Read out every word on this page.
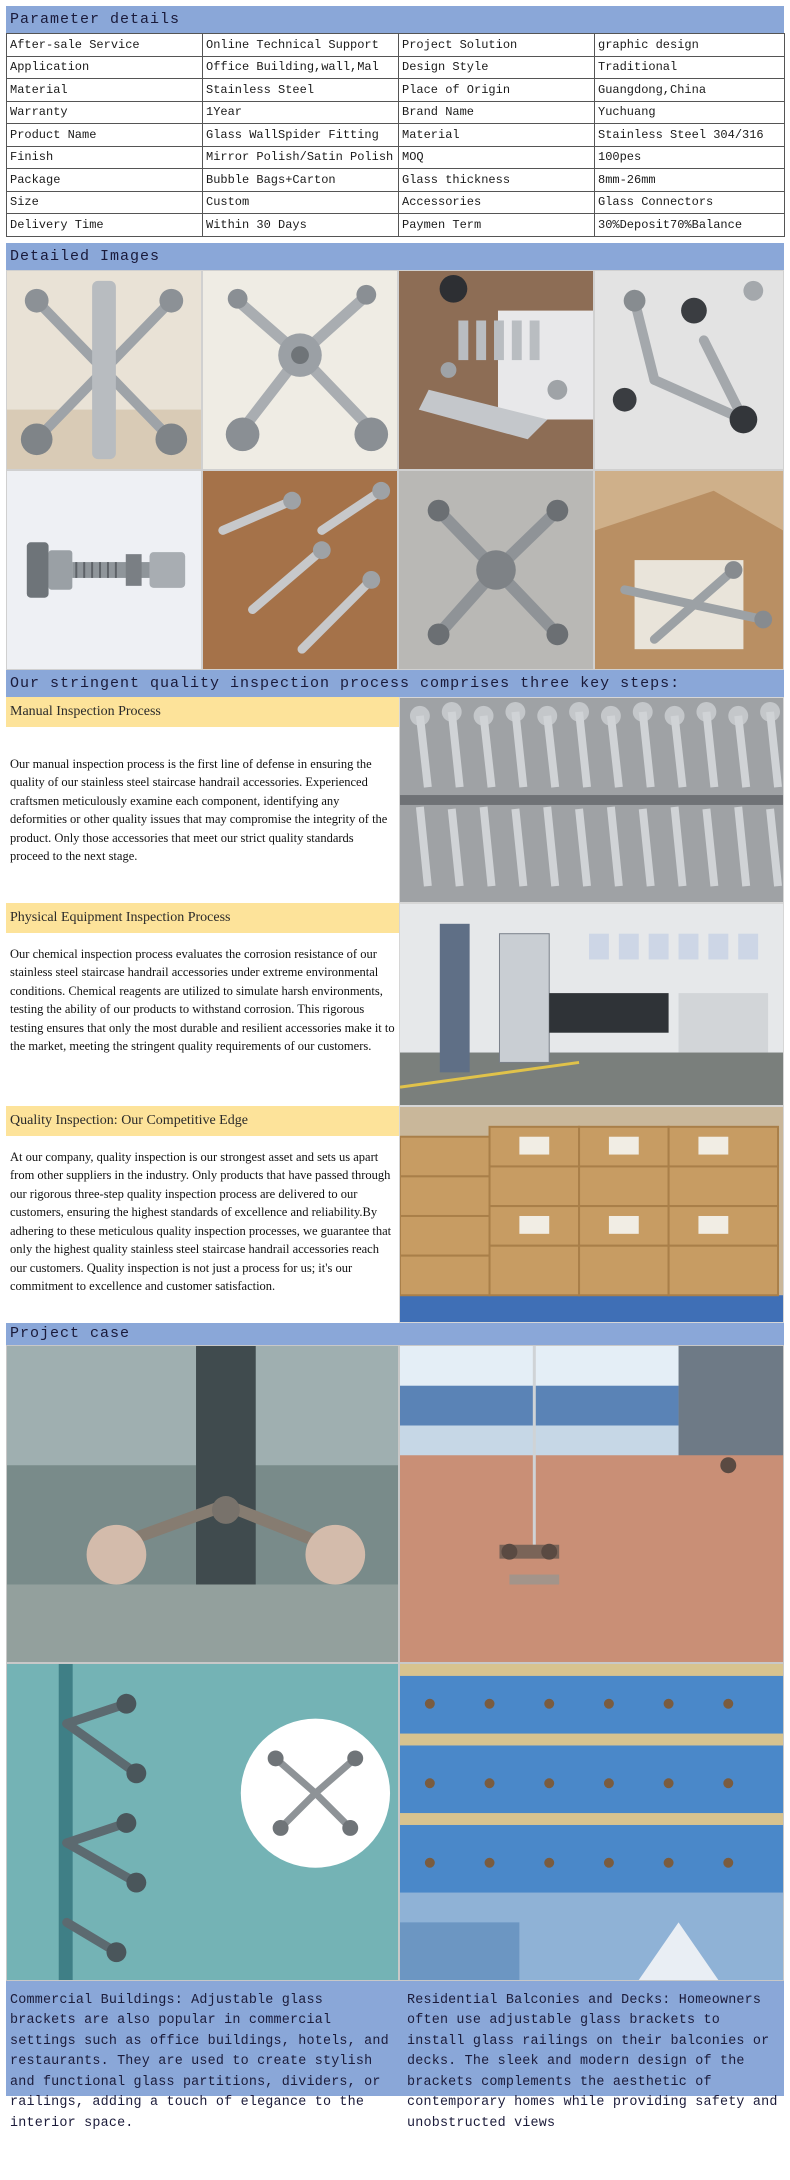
Parameter details
After-sale Service	Online Technical Support	Project Solution	graphic design
Application	Office Building,wall,Mal	Design Style	Traditional
Material	Stainless Steel	Place of Origin	Guangdong,China
Warranty	1Year	Brand Name	Yuchuang
Product Name	Glass WallSpider Fitting	Material	Stainless Steel 304/316
Finish	Mirror Polish/Satin Polish	MOQ	100pes
Package	Bubble Bags+Carton	Glass thickness	8mm-26mm
Size	Custom	Accessories	Glass Connectors
Delivery Time	Within 30 Days	Paymen Term	30%Deposit70%Balance
Detailed Images
Our stringent quality inspection process comprises three key steps:
Manual Inspection Process
Our manual inspection process is the first line of defense in ensuring the quality of our stainless steel staircase handrail accessories. Experienced craftsmen meticulously examine each component, identifying any deformities or other quality issues that may compromise the integrity of the product. Only those accessories that meet our strict quality standards proceed to the next stage.
Physical Equipment Inspection Process
Our chemical inspection process evaluates the corrosion resistance of our stainless steel staircase handrail accessories under extreme environmental conditions. Chemical reagents are utilized to simulate harsh environments, testing the ability of our products to withstand corrosion. This rigorous testing ensures that only the most durable and resilient accessories make it to the market, meeting the stringent quality requirements of our customers.
Quality Inspection: Our Competitive Edge
At our company, quality inspection is our strongest asset and sets us apart from other suppliers in the industry. Only products that have passed through our rigorous three-step quality inspection process are delivered to our customers, ensuring the highest standards of excellence and reliability.By adhering to these meticulous quality inspection processes, we guarantee that only the highest quality stainless steel staircase handrail accessories reach our customers. Quality inspection is not just a process for us; it's our commitment to excellence and customer satisfaction.
Project case
Commercial Buildings: Adjustable glass brackets are also popular in commercial settings such as office buildings, hotels, and restaurants. They are used to create stylish and functional glass partitions, dividers, or railings, adding a touch of elegance to the interior space.
Residential Balconies and Decks: Homeowners often use adjustable glass brackets to install glass railings on their balconies or decks. The sleek and modern design of the brackets complements the aesthetic of contemporary homes while providing safety and unobstructed views
